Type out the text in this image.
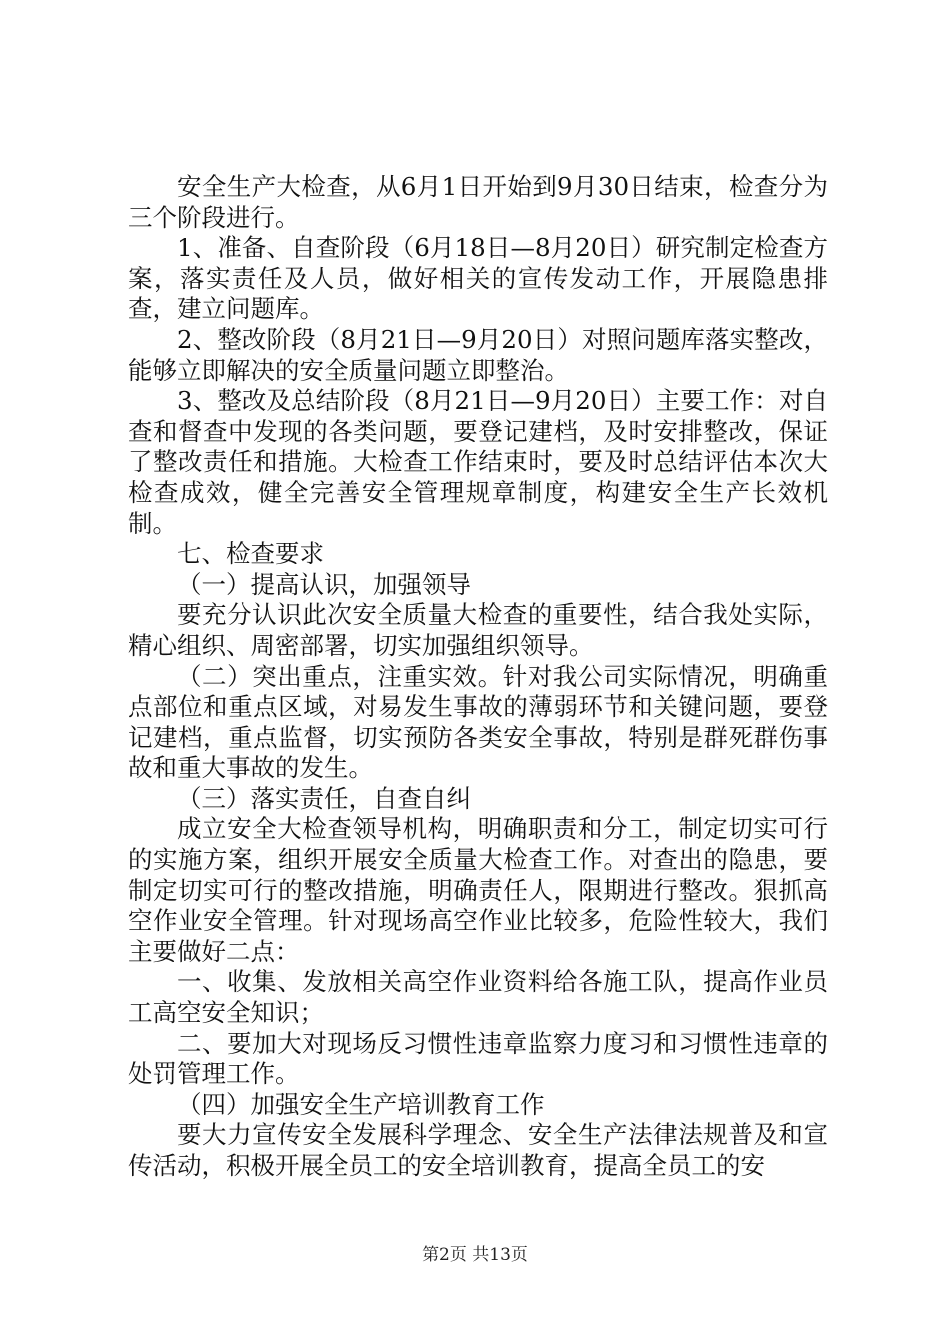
安全生产大检查，从6月1日开始到9月30日结束，检查分为三个阶段进行。

1、准备、自查阶段（6月18日—8月20日）研究制定检查方案，落实责任及人员，做好相关的宣传发动工作，开展隐患排查，建立问题库。

2、整改阶段（8月21日—9月20日）对照问题库落实整改，能够立即解决的安全质量问题立即整治。

3、整改及总结阶段（8月21日—9月20日）主要工作：对自查和督查中发现的各类问题，要登记建档，及时安排整改，保证了整改责任和措施。大检查工作结束时，要及时总结评估本次大检查成效，健全完善安全管理规章制度，构建安全生产长效机制。

七、检查要求

（一）提高认识，加强领导

要充分认识此次安全质量大检查的重要性，结合我处实际，精心组织、周密部署，切实加强组织领导。

（二）突出重点，注重实效。针对我公司实际情况，明确重点部位和重点区域，对易发生事故的薄弱环节和关键问题，要登记建档，重点监督，切实预防各类安全事故，特别是群死群伤事故和重大事故的发生。

（三）落实责任，自查自纠

成立安全大检查领导机构，明确职责和分工，制定切实可行的实施方案，组织开展安全质量大检查工作。对查出的隐患，要制定切实可行的整改措施，明确责任人，限期进行整改。狠抓高空作业安全管理。针对现场高空作业比较多，危险性较大，我们主要做好二点：

一、收集、发放相关高空作业资料给各施工队，提高作业员工高空安全知识；

二、要加大对现场反习惯性违章监察力度习和习惯性违章的处罚管理工作。

（四）加强安全生产培训教育工作

要大力宣传安全发展科学理念、安全生产法律法规普及和宣传活动，积极开展全员工的安全培训教育，提高全员工的安

第2页 共13页
